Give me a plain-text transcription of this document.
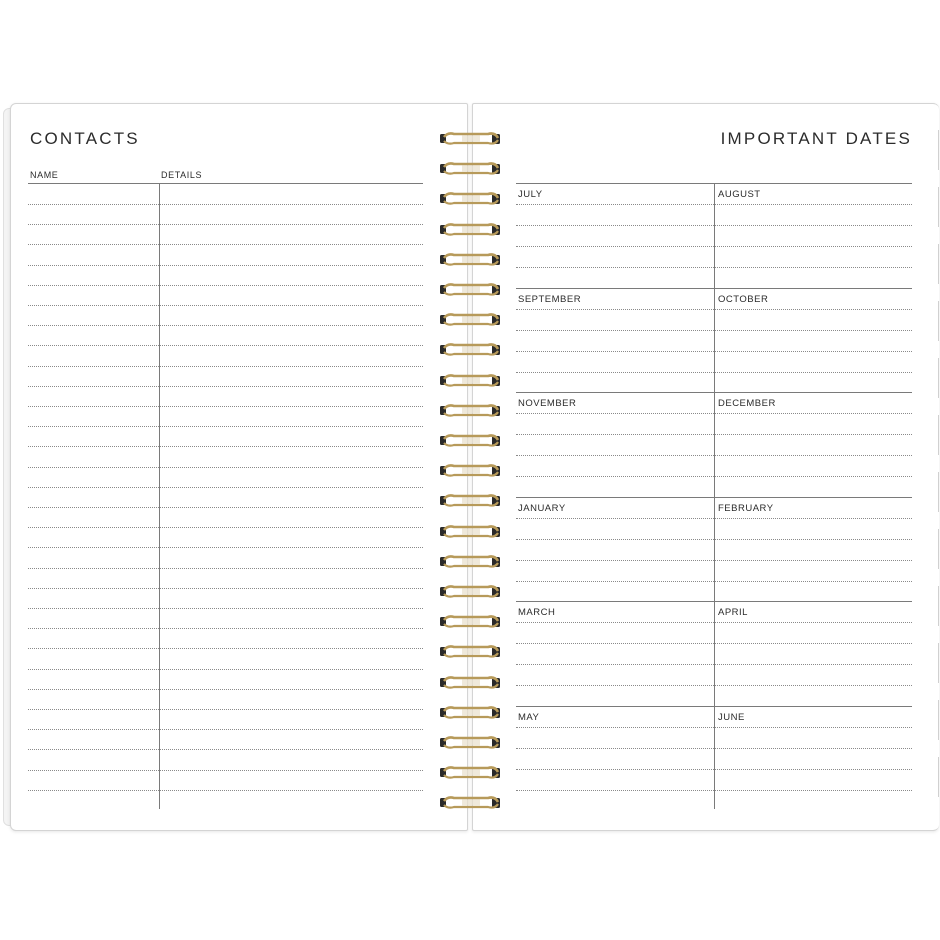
CONTACTS
NAME	DETAILS
IMPORTANT DATES
JULY	AUGUST
SEPTEMBER	OCTOBER
NOVEMBER	DECEMBER
JANUARY	FEBRUARY
MARCH	APRIL
MAY	JUNE
